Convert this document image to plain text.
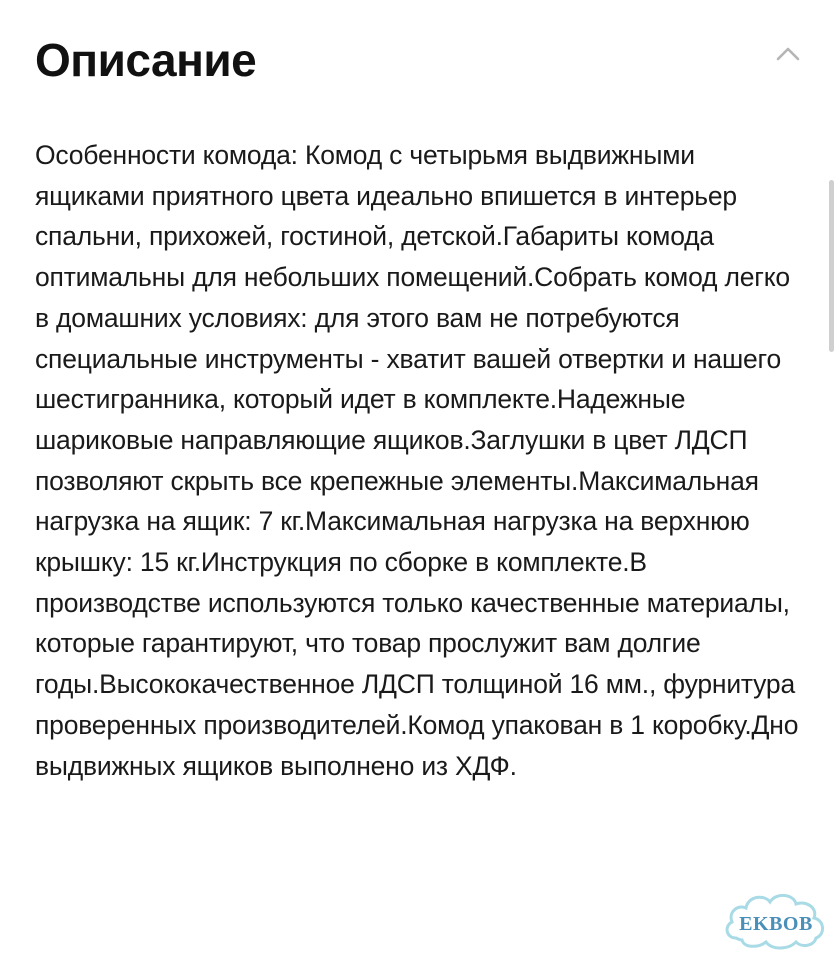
Описание

Особенности комода: Комод с четырьмя выдвижными ящиками приятного цвета идеально впишется в интерьер спальни, прихожей, гостиной, детской.Габариты комода оптимальны для небольших помещений.Собрать комод легко в домашних условиях: для этого вам не потребуются специальные инструменты - хватит вашей отвертки и нашего шестигранника, который идет в комплекте.Надежные шариковые направляющие ящиков.Заглушки в цвет ЛДСП позволяют скрыть все крепежные элементы.Максимальная нагрузка на ящик: 7 кг.Максимальная нагрузка на верхнюю крышку: 15 кг.Инструкция по сборке в комплекте.В производстве используются только качественные материалы, которые гарантируют, что товар прослужит вам долгие годы.Высококачественное ЛДСП толщиной 16 мм., фурнитура проверенных производителей.Комод упакован в 1 коробку.Дно выдвижных ящиков выполнено из ХДФ.

EKBOB
